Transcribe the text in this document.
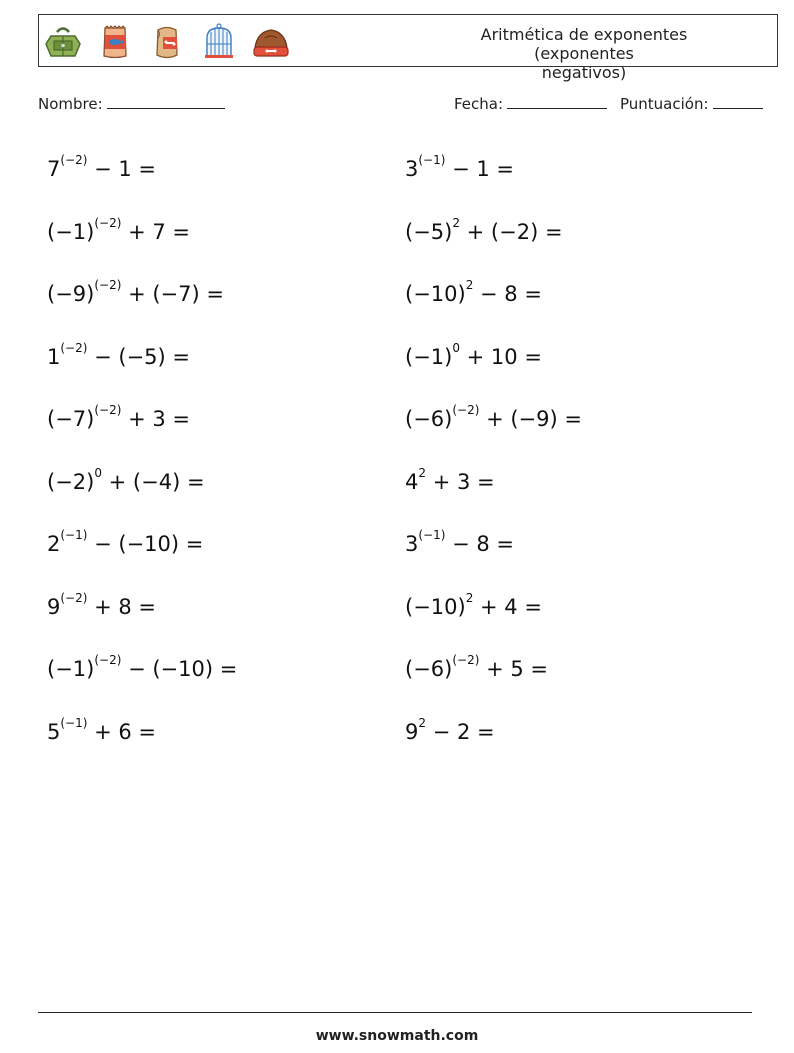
Aritmética de exponentes (exponentes
negativos)
Nombre:	Fecha:	Puntuación:
$7^{(-2)} - 1$ =
$(-1)^{(-2)} + 7$ =
$(-9)^{(-2)} + (-7)$ =
$1^{(-2)} - (-5)$ =
$(-7)^{(-2)} + 3$ =
$(-2)^0 + (-4)$ =
$2^{(-1)} - (-10)$ =
$9^{(-2)} + 8$ =
$(-1)^{(-2)} - (-10)$ =
$5^{(-1)} + 6$ =
$3^{(-1)} - 1$ =
$(-5)^2 + (-2)$ =
$(-10)^2 - 8$ =
$(-1)^0 + 10$ =
$(-6)^{(-2)} + (-9)$ =
$4^2 + 3$ =
$3^{(-1)} - 8$ =
$(-10)^2 + 4$ =
$(-6)^{(-2)} + 5$ =
$9^2 - 2$ =
www.snowmath.com
